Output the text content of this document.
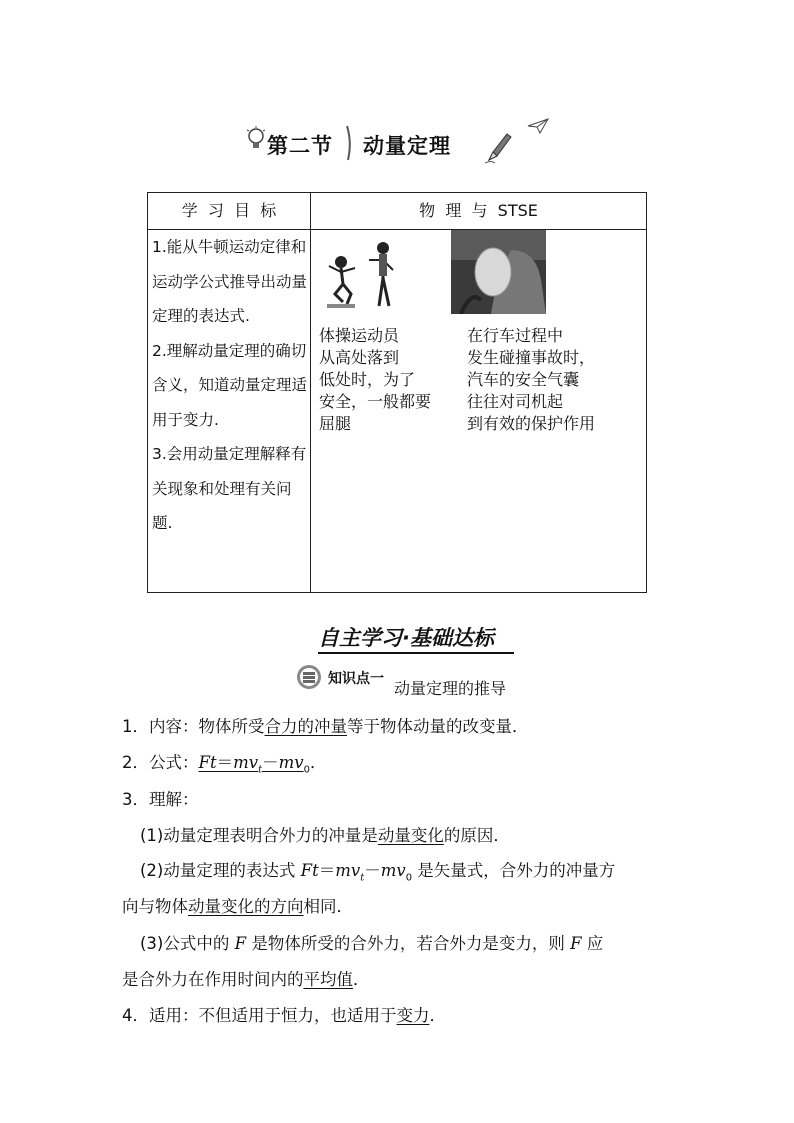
第二节 动量定理
学  习  目  标	物  理  与  STSE
1.能从牛顿运动定律和运动学公式推导出动量定理的表达式.
2.理解动量定理的确切含义，知道动量定理适用于变力.
3.会用动量定理解释有关现象和处理有关问题.
体操运动员
从高处落到
低处时，为了
安全，一般都要
屈腿
在行车过程中
发生碰撞事故时，
汽车的安全气囊
往往对司机起
到有效的保护作用
自主学习·基础达标
知识点一 动量定理的推导
1．内容：物体所受合力的冲量等于物体动量的改变量．
2．公式：$Ft=mv_t-mv_0$．
3．理解：
(1)动量定理表明合外力的冲量是动量变化的原因．
(2)动量定理的表达式 $Ft=mv_t-mv_0$ 是矢量式，合外力的冲量方
向与物体动量变化的方向相同．
(3)公式中的 F 是物体所受的合外力，若合外力是变力，则 F 应
是合外力在作用时间内的平均值．
4．适用：不但适用于恒力，也适用于变力．
